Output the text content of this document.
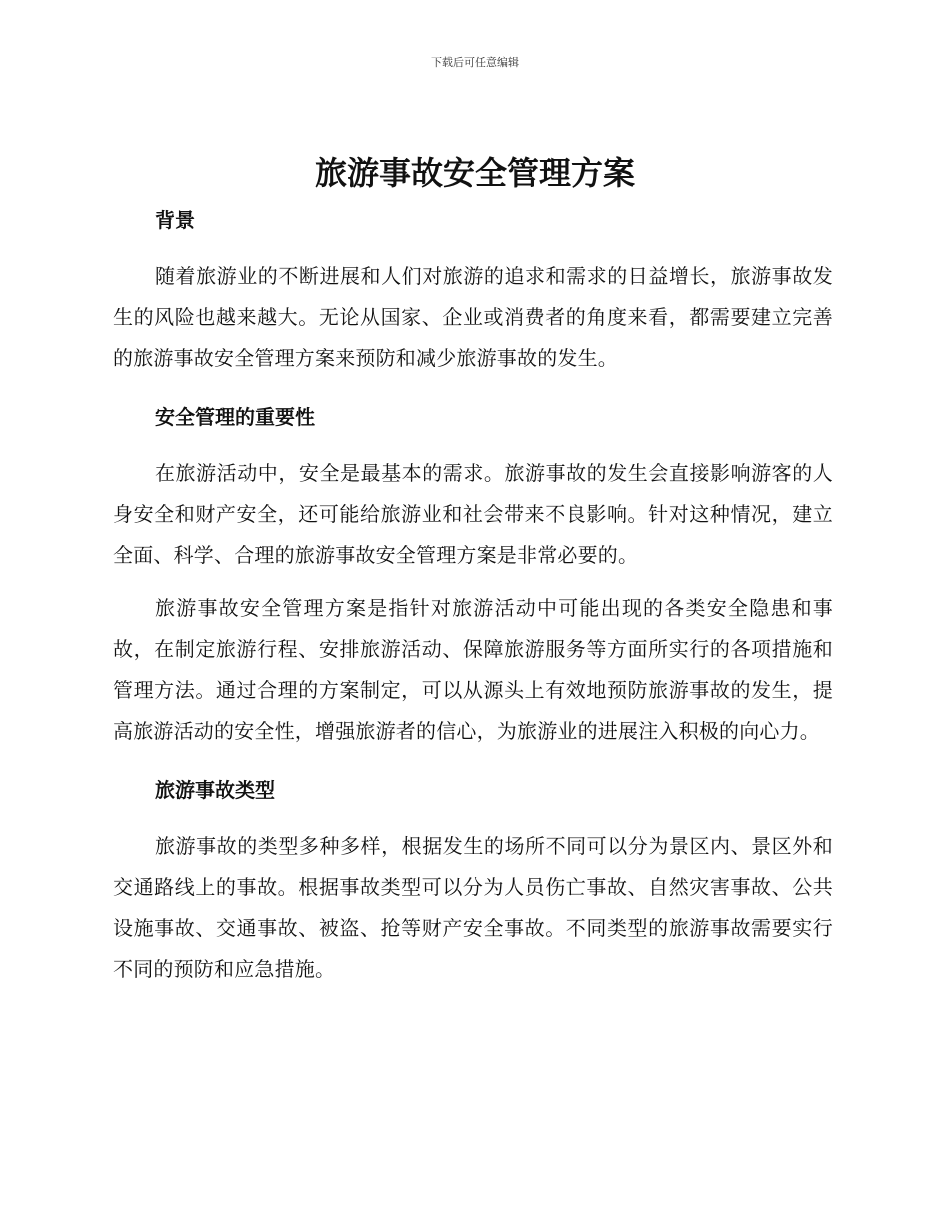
下载后可任意编辑
旅游事故安全管理方案
背景

随着旅游业的不断进展和人们对旅游的追求和需求的日益增长，旅游事故发生的风险也越来越大。无论从国家、企业或消费者的角度来看，都需要建立完善的旅游事故安全管理方案来预防和减少旅游事故的发生。

安全管理的重要性

在旅游活动中，安全是最基本的需求。旅游事故的发生会直接影响游客的人身安全和财产安全，还可能给旅游业和社会带来不良影响。针对这种情况，建立全面、科学、合理的旅游事故安全管理方案是非常必要的。

旅游事故安全管理方案是指针对旅游活动中可能出现的各类安全隐患和事故，在制定旅游行程、安排旅游活动、保障旅游服务等方面所实行的各项措施和管理方法。通过合理的方案制定，可以从源头上有效地预防旅游事故的发生，提高旅游活动的安全性，增强旅游者的信心，为旅游业的进展注入积极的向心力。

旅游事故类型

旅游事故的类型多种多样，根据发生的场所不同可以分为景区内、景区外和交通路线上的事故。根据事故类型可以分为人员伤亡事故、自然灾害事故、公共设施事故、交通事故、被盗、抢等财产安全事故。不同类型的旅游事故需要实行不同的预防和应急措施。
